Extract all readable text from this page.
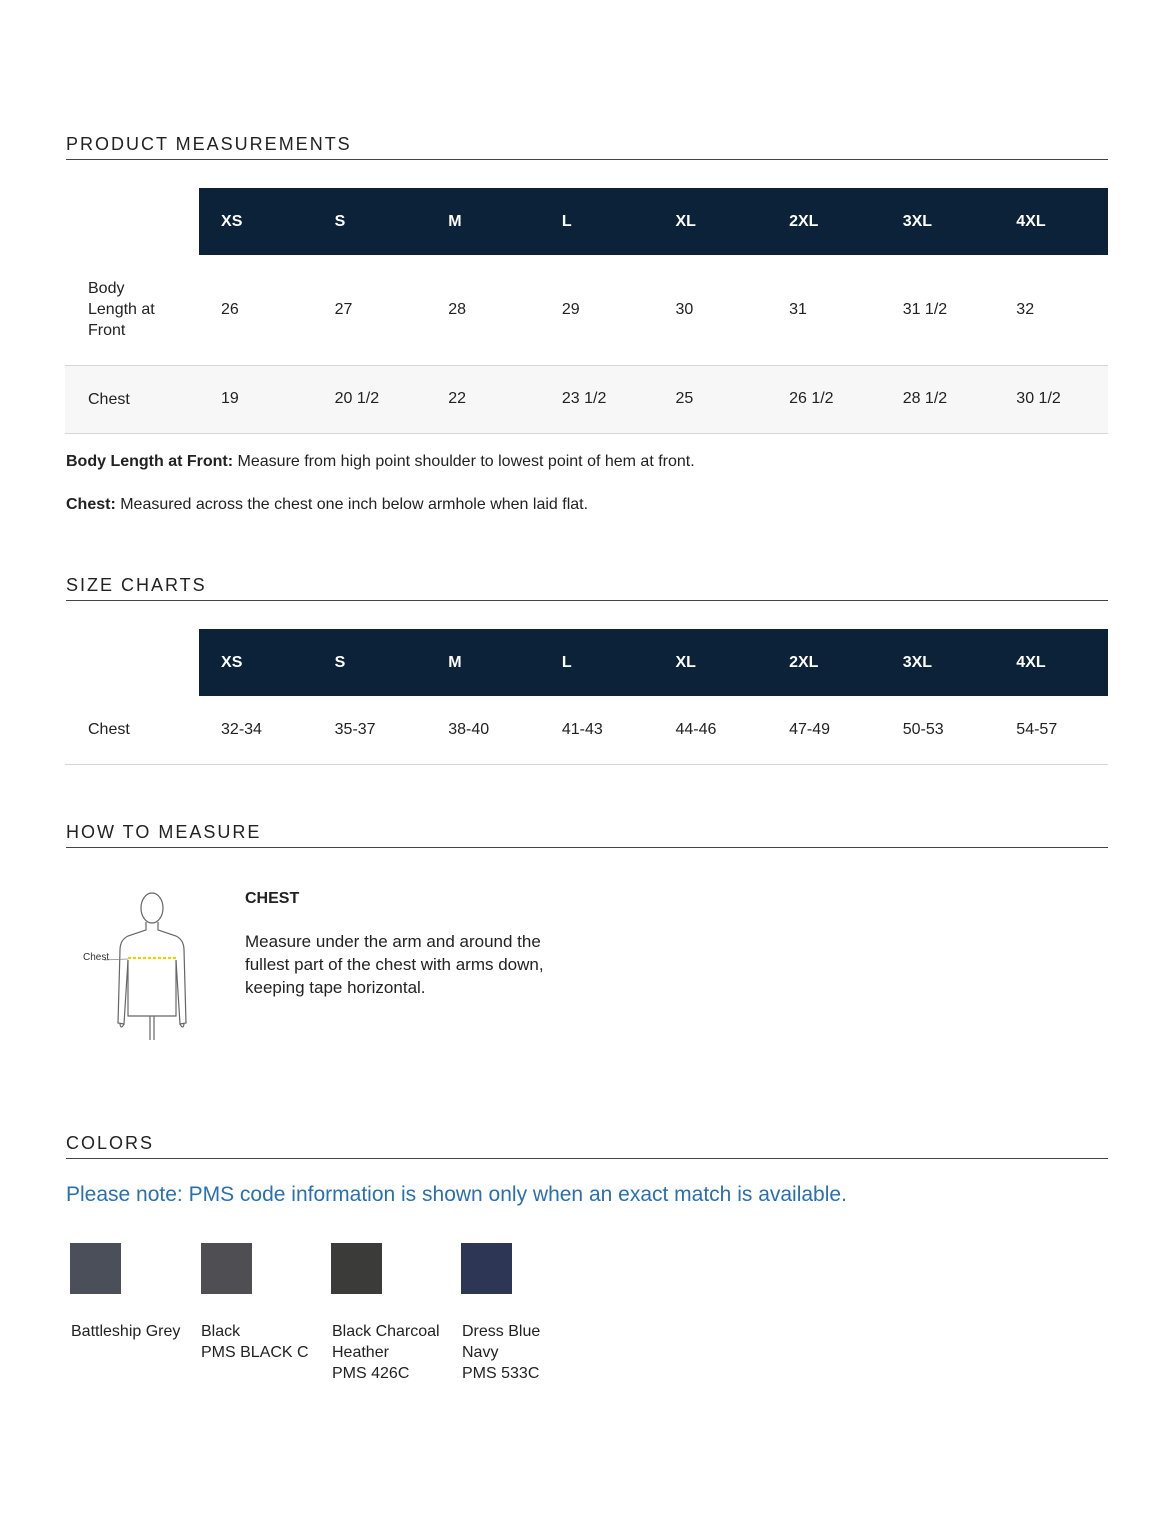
PRODUCT MEASUREMENTS
	XS	S	M	L	XL	2XL	3XL	4XL

Body Length at Front	26	27	28	29	30	31	31 1/2	32
Chest	19	20 1/2	22	23 1/2	25	26 1/2	28 1/2	30 1/2
Body Length at Front: Measure from high point shoulder to lowest point of hem at front.
Chest: Measured across the chest one inch below armhole when laid flat.
SIZE CHARTS
	XS	S	M	L	XL	2XL	3XL	4XL
Chest	32-34	35-37	38-40	41-43	44-46	47-49	50-53	54-57
HOW TO MEASURE
Chest
CHEST
Measure under the arm and around the
fullest part of the chest with arms down,
keeping tape horizontal.
COLORS
Please note: PMS code information is shown only when an exact match is available.
Battleship Grey Black
PMS BLACK C
Black Charcoal
Heather
PMS 426C
Dress Blue
Navy
PMS 533C
